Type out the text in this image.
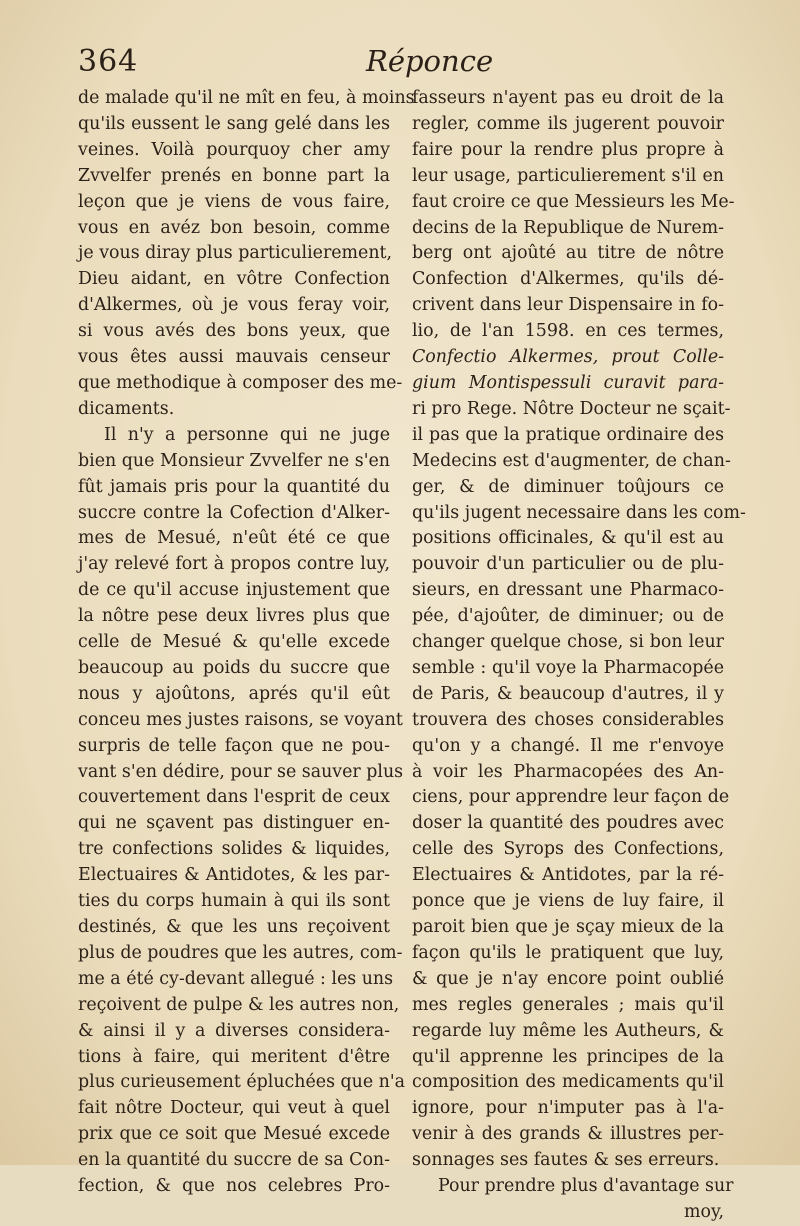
364	Réponce
de malade qu'il ne mît en feu, à moins
qu'ils eussent le sang gelé dans les
veines. Voilà pourquoy cher amy
Zvvelfer prenés en bonne part la
leçon que je viens de vous faire,
vous en avéz bon besoin, comme
je vous diray plus particulierement,
Dieu aidant, en vôtre Confection
d'Alkermes, où je vous feray voir,
si vous avés des bons yeux, que
vous êtes aussi mauvais censeur
que methodique à composer des me-
dicaments.
Il n'y a personne qui ne juge
bien que Monsieur Zvvelfer ne s'en
fût jamais pris pour la quantité du
succre contre la Cofection d'Alker-
mes de Mesué, n'eût été ce que
j'ay relevé fort à propos contre luy,
de ce qu'il accuse injustement que
la nôtre pese deux livres plus que
celle de Mesué & qu'elle excede
beaucoup au poids du succre que
nous y ajoûtons, aprés qu'il eût
conceu mes justes raisons, se voyant
surpris de telle façon que ne pou-
vant s'en dédire, pour se sauver plus
couvertement dans l'esprit de ceux
qui ne sçavent pas distinguer en-
tre confections solides & liquides,
Electuaires & Antidotes, & les par-
ties du corps humain à qui ils sont
destinés, & que les uns reçoivent
plus de poudres que les autres, com-
me a été cy-devant allegué : les uns
reçoivent de pulpe & les autres non,
& ainsi il y a diverses considera-
tions à faire, qui meritent d'être
plus curieusement épluchées que n'a
fait nôtre Docteur, qui veut à quel
prix que ce soit que Mesué excede
en la quantité du succre de sa Con-
fection, & que nos celebres Pro-
fasseurs n'ayent pas eu droit de la
regler, comme ils jugerent pouvoir
faire pour la rendre plus propre à
leur usage, particulierement s'il en
faut croire ce que Messieurs les Me-
decins de la Republique de Nurem-
berg ont ajoûté au titre de nôtre
Confection d'Alkermes, qu'ils dé-
crivent dans leur Dispensaire in fo-
lio, de l'an 1598. en ces termes,
Confectio Alkermes, prout Colle-
gium Montispessuli curavit para-
ri pro Rege. Nôtre Docteur ne sçait-
il pas que la pratique ordinaire des
Medecins est d'augmenter, de chan-
ger, & de diminuer toûjours ce
qu'ils jugent necessaire dans les com-
positions officinales, & qu'il est au
pouvoir d'un particulier ou de plu-
sieurs, en dressant une Pharmaco-
pée, d'ajoûter, de diminuer; ou de
changer quelque chose, si bon leur
semble : qu'il voye la Pharmacopée
de Paris, & beaucoup d'autres, il y
trouvera des choses considerables
qu'on y a changé. Il me r'envoye
à voir les Pharmacopées des An-
ciens, pour apprendre leur façon de
doser la quantité des poudres avec
celle des Syrops des Confections,
Electuaires & Antidotes, par la ré-
ponce que je viens de luy faire, il
paroit bien que je sçay mieux de la
façon qu'ils le pratiquent que luy,
& que je n'ay encore point oublié
mes regles generales ; mais qu'il
regarde luy même les Autheurs, &
qu'il apprenne les principes de la
composition des medicaments qu'il
ignore, pour n'imputer pas à l'a-
venir à des grands & illustres per-
sonnages ses fautes & ses erreurs.
Pour prendre plus d'avantage sur
moy,
